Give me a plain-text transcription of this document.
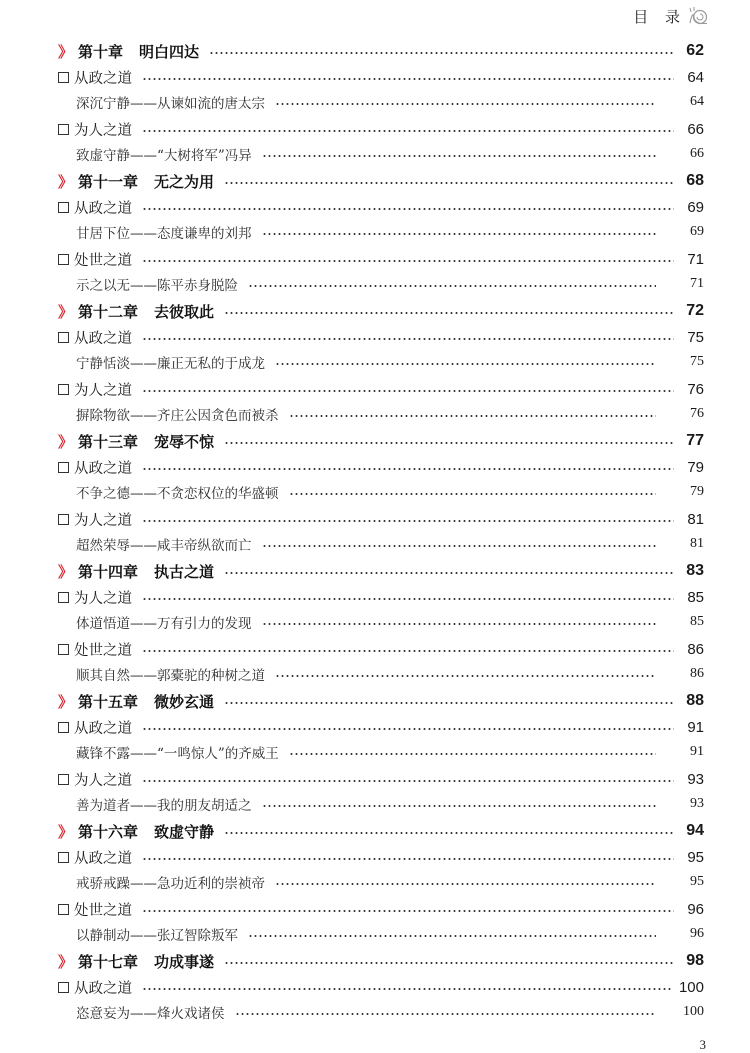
目 录
》 第十章 明白四达	62
从政之道	64
深沉宁静——从谏如流的唐太宗	64
为人之道	66
致虚守静——“大树将军”冯异	66
》 第十一章 无之为用	68
从政之道	69
甘居下位——态度谦卑的刘邦	69
处世之道	71
示之以无——陈平赤身脱险	71
》 第十二章 去彼取此	72
从政之道	75
宁静恬淡——廉正无私的于成龙	75
为人之道	76
摒除物欲——齐庄公因贪色而被杀	76
》 第十三章 宠辱不惊	77
从政之道	79
不争之德——不贪恋权位的华盛顿	79
为人之道	81
超然荣辱——咸丰帝纵欲而亡	81
》 第十四章 执古之道	83
为人之道	85
体道悟道——万有引力的发现	85
处世之道	86
顺其自然——郭橐驼的种树之道	86
》 第十五章 微妙玄通	88
从政之道	91
藏锋不露——“一鸣惊人”的齐威王	91
为人之道	93
善为道者——我的朋友胡适之	93
》 第十六章 致虚守静	94
从政之道	95
戒骄戒躁——急功近利的崇祯帝	95
处世之道	96
以静制动——张辽智除叛军	96
》 第十七章 功成事遂	98
从政之道	100
恣意妄为——烽火戏诸侯	100
3
